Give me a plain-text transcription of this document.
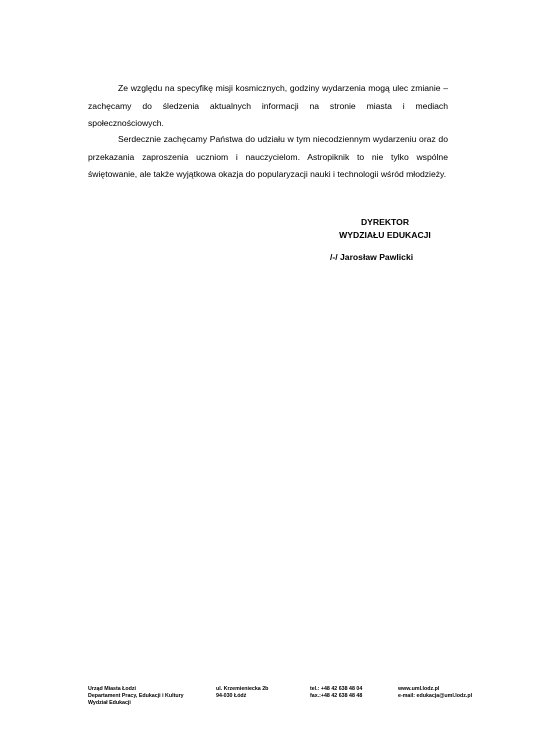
Ze względu na specyfikę misji kosmicznych, godziny wydarzenia mogą ulec zmianie – zachęcamy do śledzenia aktualnych informacji na stronie miasta i mediach społecznościowych.

Serdecznie zachęcamy Państwa do udziału w tym niecodziennym wydarzeniu oraz do przekazania zaproszenia uczniom i nauczycielom. Astropiknik to nie tylko wspólne świętowanie, ale także wyjątkowa okazja do popularyzacji nauki i technologii wśród młodzieży.

DYREKTOR
WYDZIAŁU EDUKACJI
/-/ Jarosław Pawlicki
Urząd Miasta Łodzi
Departament Pracy, Edukacji i Kultury
Wydział Edukacji
ul. Krzemieniecka 2b
94-030 Łódź
tel.: +48 42 638 48 04
fax.:+48 42 638 48 48
www.uml.lodz.pl
e-mail: edukacja@uml.lodz.pl
